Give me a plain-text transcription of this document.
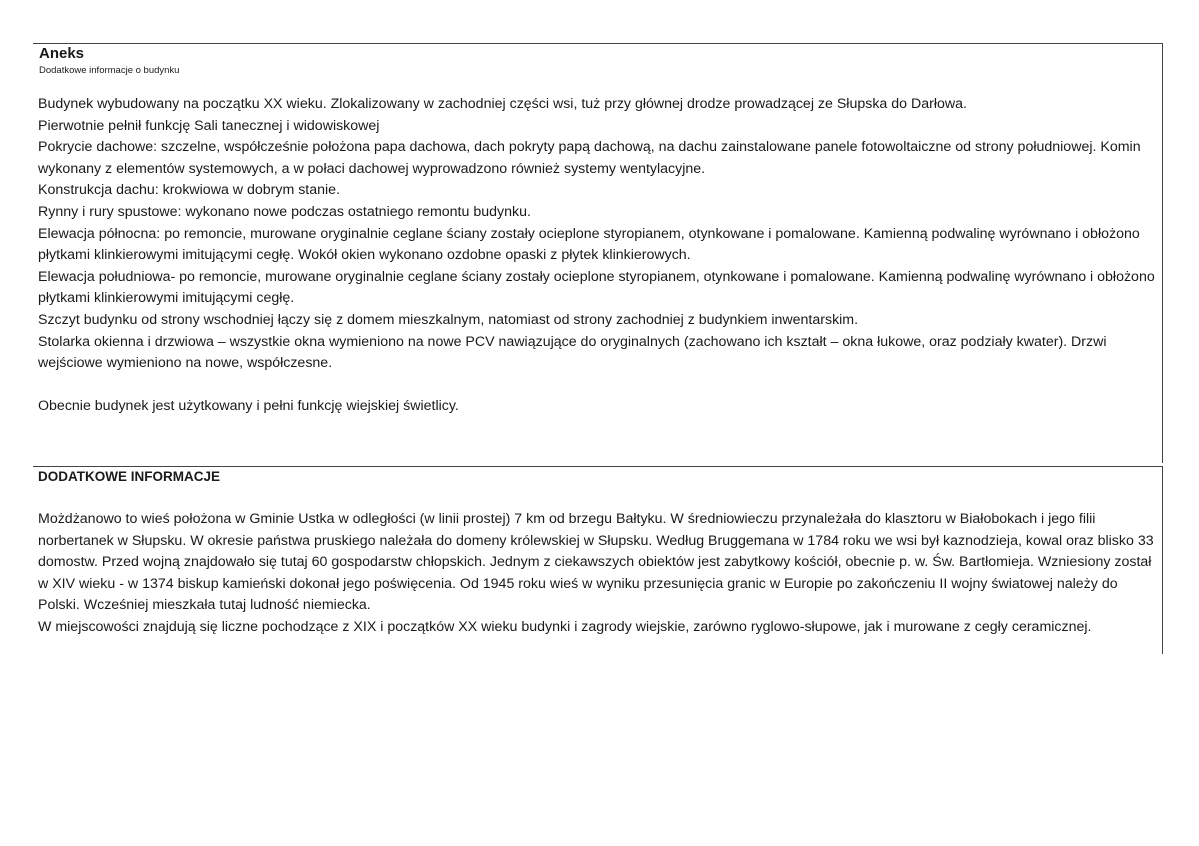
Aneks
Dodatkowe informacje o budynku

Budynek wybudowany na początku XX wieku. Zlokalizowany w zachodniej części wsi, tuż przy głównej drodze prowadzącej ze Słupska do Darłowa.

Pierwotnie pełnił funkcję Sali tanecznej i widowiskowej

Pokrycie dachowe: szczelne, współcześnie położona papa dachowa, dach pokryty papą dachową, na dachu zainstalowane panele fotowoltaiczne od strony południowej. Komin wykonany z elementów systemowych, a w połaci dachowej wyprowadzono również systemy wentylacyjne.

Konstrukcja dachu: krokwiowa w dobrym stanie.

Rynny i rury spustowe: wykonano nowe podczas ostatniego remontu budynku.

Elewacja północna: po remoncie, murowane oryginalnie ceglane ściany zostały ocieplone styropianem, otynkowane i pomalowane. Kamienną podwalinę wyrównano i obłożono płytkami klinkierowymi imitującymi cegłę. Wokół okien wykonano ozdobne opaski z płytek klinkierowych.

Elewacja południowa- po remoncie, murowane oryginalnie ceglane ściany zostały ocieplone styropianem, otynkowane i pomalowane. Kamienną podwalinę wyrównano i obłożono płytkami klinkierowymi imitującymi cegłę.

Szczyt budynku od strony wschodniej łączy się z domem mieszkalnym, natomiast od strony zachodniej z budynkiem inwentarskim.

Stolarka okienna i drzwiowa – wszystkie okna wymieniono na nowe PCV nawiązujące do oryginalnych (zachowano ich kształt – okna łukowe, oraz podziały kwater). Drzwi wejściowe wymieniono na nowe, współczesne.

Obecnie budynek jest użytkowany i pełni funkcję wiejskiej świetlicy.

DODATKOWE INFORMACJE

Możdżanowo to wieś położona w Gminie Ustka w odległości (w linii prostej) 7 km od brzegu Bałtyku. W średniowieczu przynależała do klasztoru w Białobokach i jego filii norbertanek w Słupsku. W okresie państwa pruskiego należała do domeny królewskiej w Słupsku. Według Bruggemana w 1784 roku we wsi był kaznodzieja, kowal oraz blisko 33 domostw. Przed wojną znajdowało się tutaj 60 gospodarstw chłopskich. Jednym z ciekawszych obiektów jest zabytkowy kościół, obecnie p. w. Św. Bartłomieja. Wzniesiony został w XIV wieku - w 1374 biskup kamieński dokonał jego poświęcenia. Od 1945 roku wieś w wyniku przesunięcia granic w Europie po zakończeniu II wojny światowej należy do Polski. Wcześniej mieszkała tutaj ludność niemiecka.

W miejscowości znajdują się liczne pochodzące z XIX i początków XX wieku budynki i zagrody wiejskie, zarówno ryglowo-słupowe, jak i murowane z cegły ceramicznej.
